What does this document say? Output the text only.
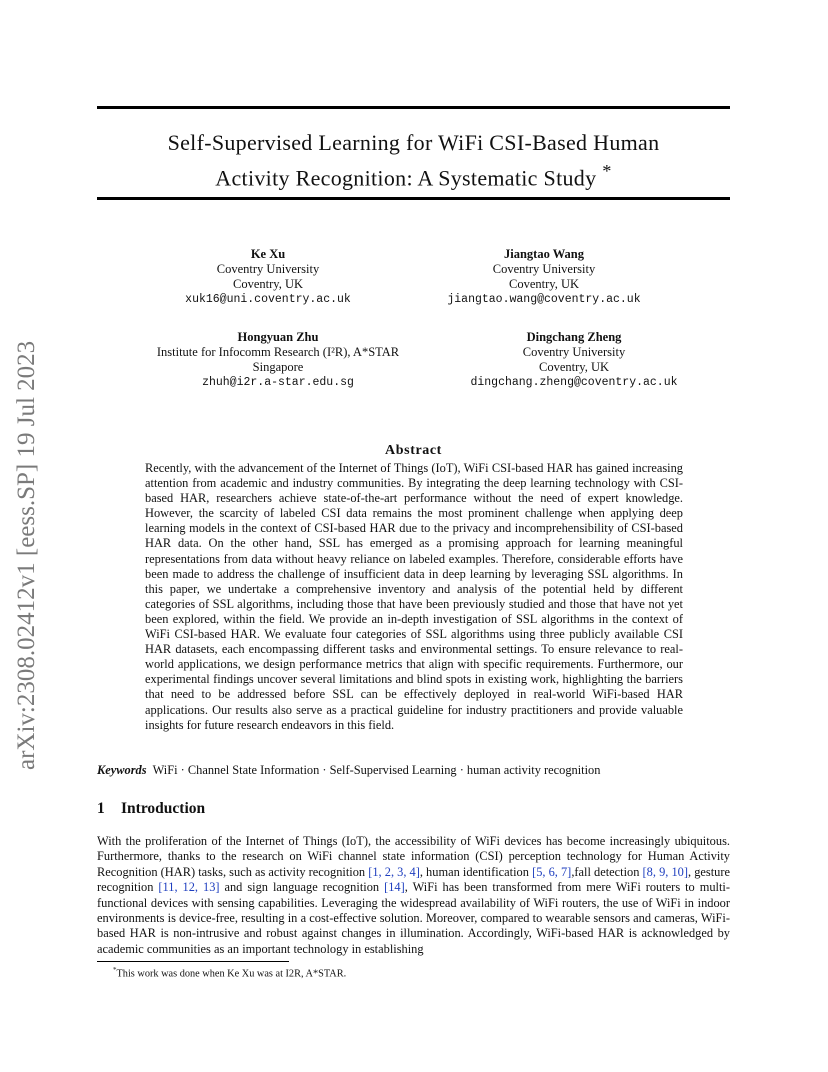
arXiv:2308.02412v1 [eess.SP] 19 Jul 2023
Self-Supervised Learning for WiFi CSI-Based Human
Activity Recognition: A Systematic Study *
Ke Xu
Coventry University
Coventry, UK
xuk16@uni.coventry.ac.uk
Jiangtao Wang
Coventry University
Coventry, UK
jiangtao.wang@coventry.ac.uk
Hongyuan Zhu
Institute for Infocomm Research (I²R), A*STAR
Singapore
zhuh@i2r.a-star.edu.sg
Dingchang Zheng
Coventry University
Coventry, UK
dingchang.zheng@coventry.ac.uk
Abstract
Recently, with the advancement of the Internet of Things (IoT), WiFi CSI-based HAR has gained increasing attention from academic and industry communities. By integrating the deep learning technology with CSI-based HAR, researchers achieve state-of-the-art performance without the need of expert knowledge. However, the scarcity of labeled CSI data remains the most prominent challenge when applying deep learning models in the context of CSI-based HAR due to the privacy and incomprehensibility of CSI-based HAR data. On the other hand, SSL has emerged as a promising approach for learning meaningful representations from data without heavy reliance on labeled examples. Therefore, considerable efforts have been made to address the challenge of insufficient data in deep learning by leveraging SSL algorithms. In this paper, we undertake a comprehensive inventory and analysis of the potential held by different categories of SSL algorithms, including those that have been previously studied and those that have not yet been explored, within the field. We provide an in-depth investigation of SSL algorithms in the context of WiFi CSI-based HAR. We evaluate four categories of SSL algorithms using three publicly available CSI HAR datasets, each encompassing different tasks and environmental settings. To ensure relevance to real-world applications, we design performance metrics that align with specific requirements. Furthermore, our experimental findings uncover several limitations and blind spots in existing work, highlighting the barriers that need to be addressed before SSL can be effectively deployed in real-world WiFi-based HAR applications. Our results also serve as a practical guideline for industry practitioners and provide valuable insights for future research endeavors in this field.
Keywords WiFi · Channel State Information · Self-Supervised Learning · human activity recognition
1 Introduction
With the proliferation of the Internet of Things (IoT), the accessibility of WiFi devices has become increasingly ubiquitous. Furthermore, thanks to the research on WiFi channel state information (CSI) perception technology for Human Activity Recognition (HAR) tasks, such as activity recognition [1, 2, 3, 4], human identification [5, 6, 7],fall detection [8, 9, 10], gesture recognition [11, 12, 13] and sign language recognition [14], WiFi has been transformed from mere WiFi routers to multi-functional devices with sensing capabilities. Leveraging the widespread availability of WiFi routers, the use of WiFi in indoor environments is device-free, resulting in a cost-effective solution. Moreover, compared to wearable sensors and cameras, WiFi-based HAR is non-intrusive and robust against changes in illumination. Accordingly, WiFi-based HAR is acknowledged by academic communities as an important technology in establishing
*This work was done when Ke Xu was at I2R, A*STAR.
